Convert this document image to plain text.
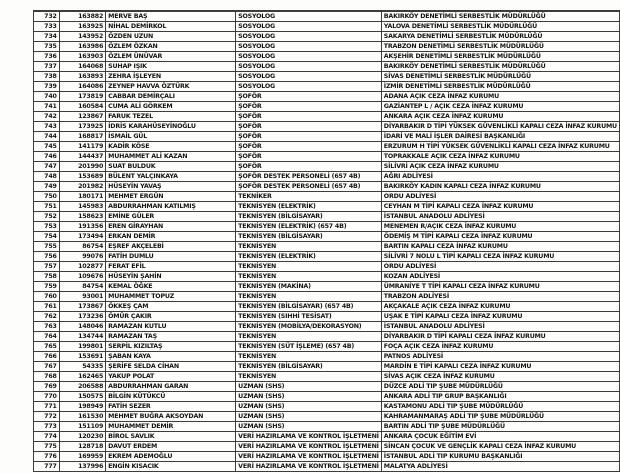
732	163882	MERVE BAŞ	SOSYOLOG	BAKIRKÖY DENETİMLİ SERBESTLİK MÜDÜRLÜĞÜ
733	163925	NİHAL DEMİRKOL	SOSYOLOG	YALOVA DENETİMLİ SERBESTLİK MÜDÜRLÜĞÜ
734	143952	ÖZDEN UZUN	SOSYOLOG	SAKARYA DENETİMLİ SERBESTLİK MÜDÜRLÜĞÜ
735	163986	ÖZLEM ÖZKAN	SOSYOLOG	TRABZON DENETİMLİ SERBESTLİK MÜDÜRLÜĞÜ
736	163903	ÖZLEM ÜNÜVAR	SOSYOLOG	AKŞEHİR DENETİMLİ SERBESTLİK MÜDÜRLÜĞÜ
737	164068	SUHAP IŞIK	SOSYOLOG	BAKIRKÖY DENETİMLİ SERBESTLİK MÜDÜRLÜĞÜ
738	163893	ZEHRA İŞLEYEN	SOSYOLOG	SİVAS DENETİMLİ SERBESTLİK MÜDÜRLÜĞÜ
739	164086	ZEYNEP HAVVA ÖZTÜRK	SOSYOLOG	İZMİR DENETİMLİ SERBESTLİK MÜDÜRLÜĞÜ
740	173819	CABBAR DEMİRÇALI	ŞOFÖR	ADANA AÇIK CEZA İNFAZ KURUMU
741	160584	CUMA ALİ GÖRKEM	ŞOFÖR	GAZİANTEP L / AÇIK CEZA İNFAZ KURUMU
742	123867	FARUK TEZEL	ŞOFÖR	ANKARA AÇIK CEZA İNFAZ KURUMU
743	173925	İDRİS KARAHÜSEYİNOĞLU	ŞOFÖR	DİYARBAKIR D TİPİ YÜKSEK GÜVENLİKLİ KAPALI CEZA İNFAZ KURUMU
744	168817	İSMAİL GÜL	ŞOFÖR	İDARİ VE MALİ İŞLER DAİRESİ BAŞKANLIĞI
745	141179	KADİR KÖSE	ŞOFÖR	ERZURUM H TİPİ YÜKSEK GÜVENLİKLİ KAPALI CEZA İNFAZ KURUMU
746	144437	MUHAMMET ALİ KAZAN	ŞOFÖR	TOPRAKKALE AÇIK CEZA İNFAZ KURUMU
747	201990	SUAT BULDUK	ŞOFÖR	SİLİVRİ AÇIK CEZA İNFAZ KURUMU
748	153689	BÜLENT YALÇINKAYA	ŞOFÖR DESTEK PERSONELİ (657 4B)	AĞRI ADLİYESİ
749	201982	HÜSEYİN YAVAŞ	ŞOFÖR DESTEK PERSONELİ (657 4B)	BAKIRKÖY KADIN KAPALI CEZA İNFAZ KURUMU
750	180171	MEHMET ERGÜN	TEKNİKER	ORDU ADLİYESİ
751	145983	ABDURRAHMAN KATILMIŞ	TEKNİSYEN (ELEKTRİK)	CEYHAN M TİPİ KAPALI CEZA İNFAZ KURUMU
752	158623	EMİNE GÜLER	TEKNİSYEN (BİLGİSAYAR)	İSTANBUL ANADOLU ADLİYESİ
753	191356	EREN GİRAYHAN	TEKNİSYEN (ELEKTRİK) (657 4B)	MENEMEN R/AÇIK CEZA İNFAZ KURUMU
754	173494	ERKAN DEMİR	TEKNİSYEN (BİLGİSAYAR)	ÖDEMİŞ M TİPİ KAPALI CEZA İNFAZ KURUMU
755	86754	EŞREF AKÇELEBİ	TEKNİSYEN	BARTIN KAPALI CEZA İNFAZ KURUMU
756	99076	FATİH DUMLU	TEKNİSYEN (ELEKTRİK)	SİLİVRİ 7 NOLU L TİPİ KAPALI CEZA İNFAZ KURUMU
757	102877	FERAT EFİL	TEKNİSYEN	ORDU ADLİYESİ
758	109676	HÜSEYİN ŞAHİN	TEKNİSYEN	KOZAN ADLİYESİ
759	84754	KEMAL ÖĞKE	TEKNİSYEN (MAKİNA)	ÜMRANİYE T TİPİ KAPALI CEZA İNFAZ KURUMU
760	93001	MUHAMMET TOPUZ	TEKNİSYEN	TRABZON ADLİYESİ
761	173867	ÖKKEŞ ÇAM	TEKNİSYEN (BİLGİSAYAR) (657 4B)	AKÇAKALE AÇIK CEZA İNFAZ KURUMU
762	173236	ÖMÜR ÇAKIR	TEKNİSYEN (SIHHİ TESİSAT)	UŞAK E TİPİ KAPALI CEZA İNFAZ KURUMU
763	148046	RAMAZAN KUTLU	TEKNİSYEN (MOBİLYA/DEKORASYON)	İSTANBUL ANADOLU ADLİYESİ
764	134744	RAMAZAN TAŞ	TEKNİSYEN	DİYARBAKIR D TİPİ KAPALI CEZA İNFAZ KURUMU
765	199801	SERPİL KIZILTAŞ	TEKNİSYEN (SÜT İŞLEME) (657 4B)	FOÇA AÇIK CEZA İNFAZ KURUMU
766	153691	ŞABAN KAYA	TEKNİSYEN	PATNOS ADLİYESİ
767	54335	ŞERİFE SELDA CİHAN	TEKNİSYEN (BİLGİSAYAR)	MARDİN E TİPİ KAPALI CEZA İNFAZ KURUMU
768	162465	YAKUP POLAT	TEKNİSYEN	SİVAS AÇIK CEZA İNFAZ KURUMU
769	206588	ABDURRAHMAN GARAN	UZMAN (SHS)	DÜZCE ADLİ TIP ŞUBE MÜDÜRLÜĞÜ
770	150575	BİLGİN KÜTÜKCÜ	UZMAN (SHS)	ANKARA ADLİ TIP GRUP BAŞKANLIĞI
771	198949	FATİH SEZER	UZMAN (SHS)	KASTAMONU ADLİ TIP ŞUBE MÜDÜRLÜĞÜ
772	161530	MEHMET BUĞRA AKSOYDAN	UZMAN (SHS)	KAHRAMANMARAŞ ADLİ TIP ŞUBE MÜDÜRLÜĞÜ
773	151109	MUHAMMET DEMİR	UZMAN (SHS)	BARTIN ADLİ TIP ŞUBE MÜDÜRLÜĞÜ
774	120230	BİROL SAVLIK	VERİ HAZIRLAMA VE KONTROL İŞLETMENİ	ANKARA ÇOCUK EĞİTİM EVİ
775	128718	DAVUT ERDEM	VERİ HAZIRLAMA VE KONTROL İŞLETMENİ	SİNCAN ÇOCUK VE GENÇLİK KAPALI CEZA İNFAZ KURUMU
776	169959	EKREM ADEMOĞLU	VERİ HAZIRLAMA VE KONTROL İŞLETMENİ	İSTANBUL ADLİ TIP KURUMU BAŞKANLIĞI
777	137996	ENGİN KISACIK	VERİ HAZIRLAMA VE KONTROL İŞLETMENİ	MALATYA ADLİYESİ
